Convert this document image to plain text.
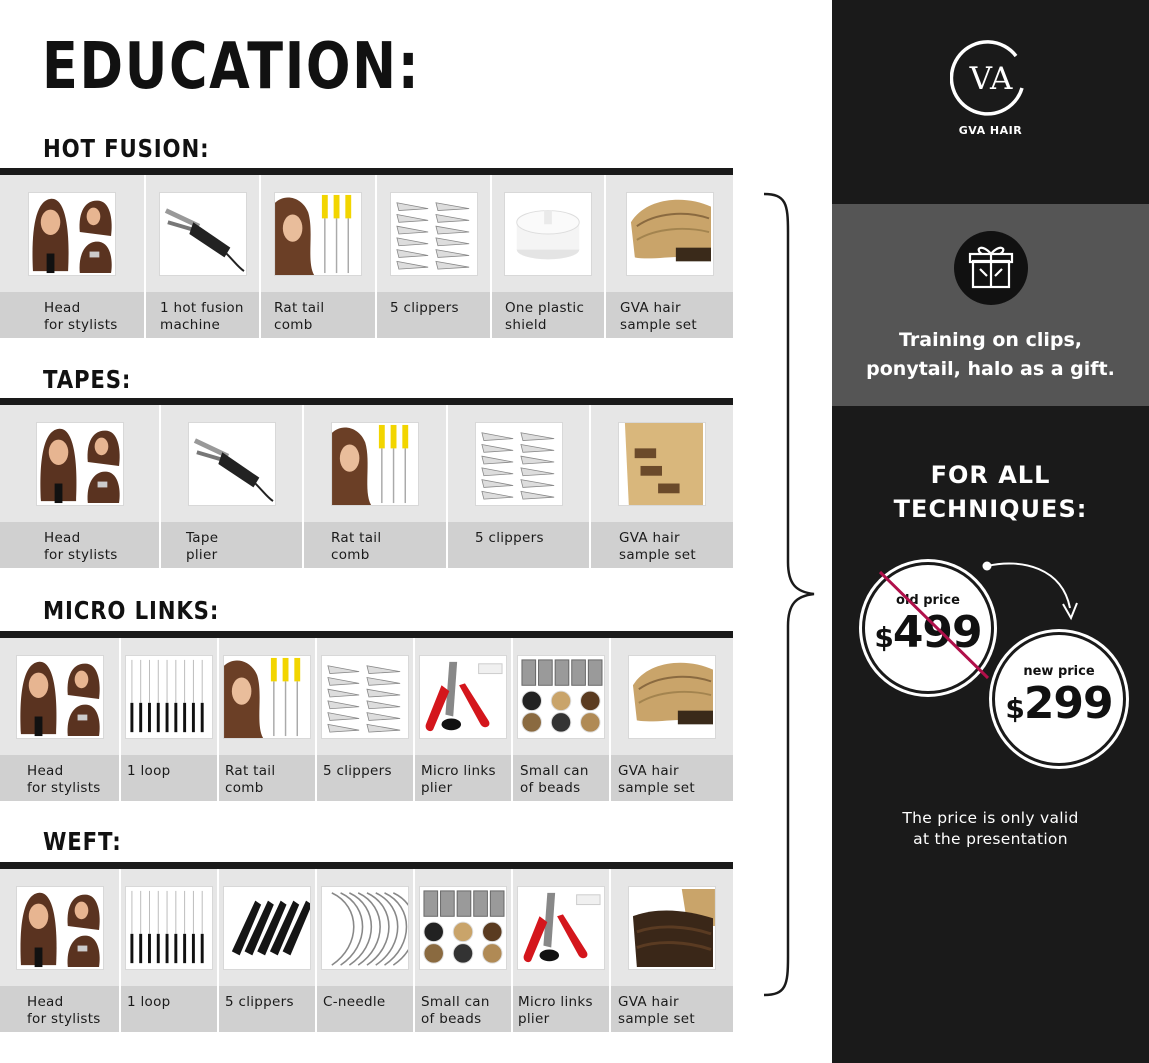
EDUCATION:
HOT FUSION:
TAPES:
MICRO LINKS:
WEFT:
Head
for stylists
1 hot fusion
machine
Rat tail
comb
5 clippers	One plastic
shield
GVA hair
sample set
Head
for stylists
Tape
plier
Rat tail
comb
5 clippers	GVA hair
sample set
Head
for stylists
1 loop	Rat tail
comb
5 clippers	Micro links
plier
Small can
of beads
GVA hair
sample set
Head
for stylists
1 loop	5 clippers	C-needle	Small can
of beads
Micro links
plier
GVA hair
sample set
VA
GVA HAIR
Training on clips,
ponytail, halo as a gift.
FOR ALL
TECHNIQUES:
old price
$499
new price
$299
The price is only valid
at the presentation
